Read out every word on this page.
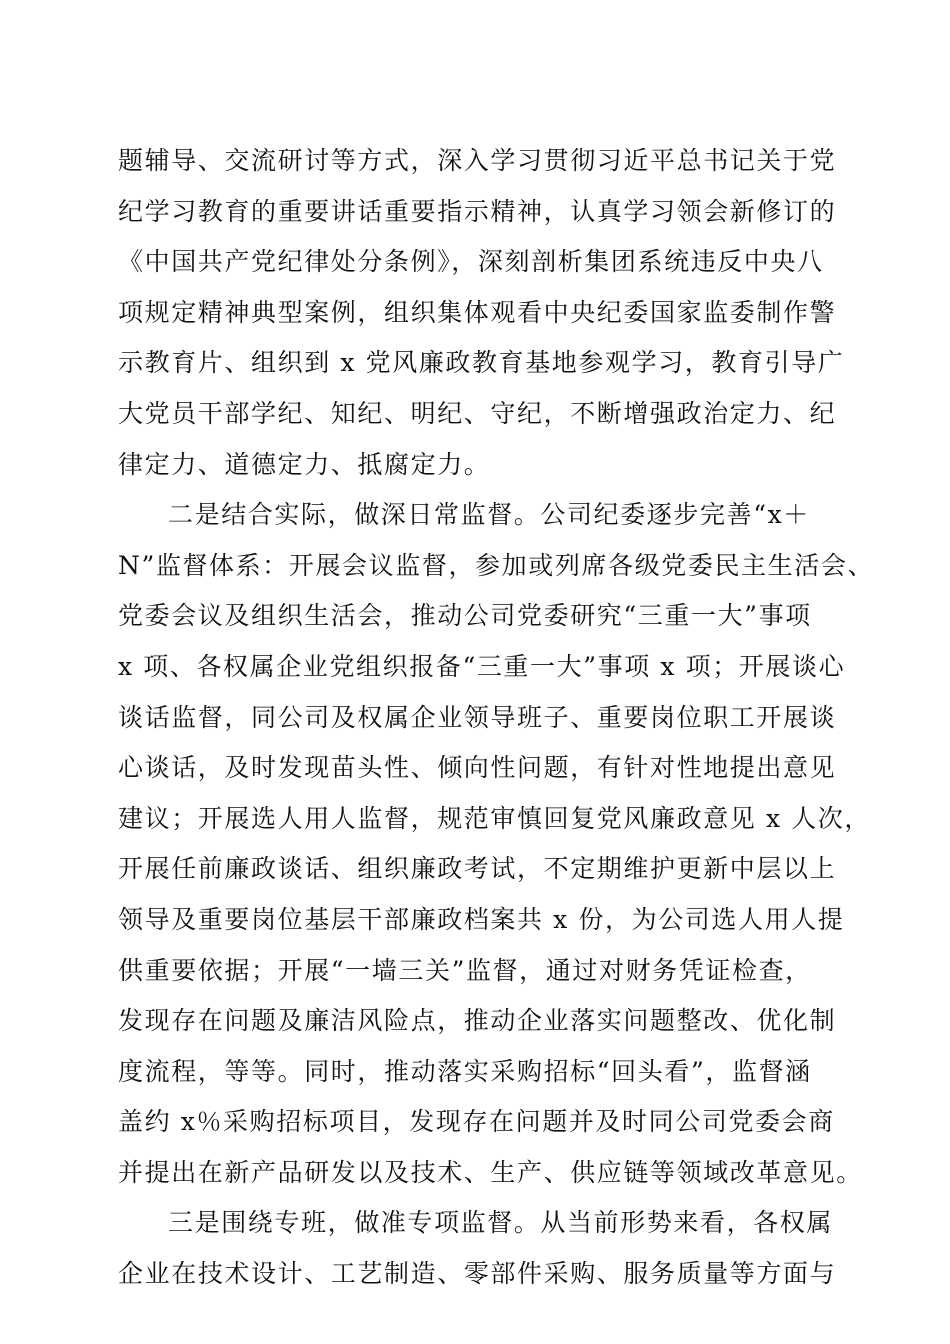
题辅导、交流研讨等方式，深入学习贯彻习近平总书记关于党
纪学习教育的重要讲话重要指示精神，认真学习领会新修订的
《中国共产党纪律处分条例》，深刻剖析集团系统违反中央八
项规定精神典型案例，组织集体观看中央纪委国家监委制作警
示教育片、组织到 x 党风廉政教育基地参观学习，教育引导广
大党员干部学纪、知纪、明纪、守纪，不断增强政治定力、纪
律定力、道德定力、抵腐定力。
二是结合实际，做深日常监督。公司纪委逐步完善“x＋
N”监督体系：开展会议监督，参加或列席各级党委民主生活会、
党委会议及组织生活会，推动公司党委研究“三重一大”事项
x 项、各权属企业党组织报备“三重一大”事项 x 项；开展谈心
谈话监督，同公司及权属企业领导班子、重要岗位职工开展谈
心谈话，及时发现苗头性、倾向性问题，有针对性地提出意见
建议；开展选人用人监督，规范审慎回复党风廉政意见 x 人次，
开展任前廉政谈话、组织廉政考试，不定期维护更新中层以上
领导及重要岗位基层干部廉政档案共 x 份，为公司选人用人提
供重要依据；开展“一墙三关”监督，通过对财务凭证检查，
发现存在问题及廉洁风险点，推动企业落实问题整改、优化制
度流程，等等。同时，推动落实采购招标“回头看”，监督涵
盖约 x％采购招标项目，发现存在问题并及时同公司党委会商
并提出在新产品研发以及技术、生产、供应链等领域改革意见。
三是围绕专班，做准专项监督。从当前形势来看，各权属
企业在技术设计、工艺制造、零部件采购、服务质量等方面与
